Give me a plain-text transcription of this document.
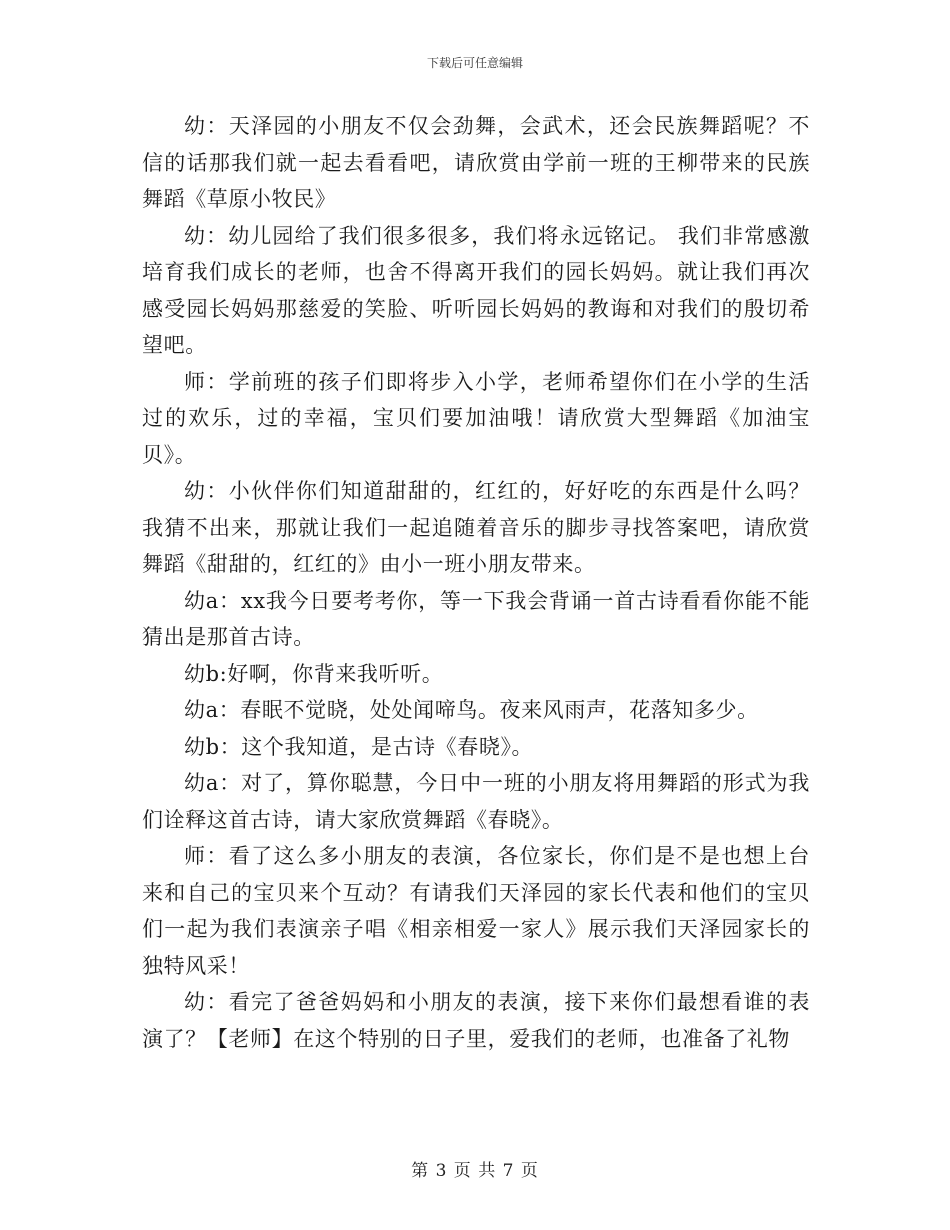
下载后可任意编辑

幼：天泽园的小朋友不仅会劲舞，会武术，还会民族舞蹈呢？不信的话那我们就一起去看看吧，请欣赏由学前一班的王柳带来的民族舞蹈《草原小牧民》

幼：幼儿园给了我们很多很多，我们将永远铭记。 我们非常感激培育我们成长的老师，也舍不得离开我们的园长妈妈。就让我们再次感受园长妈妈那慈爱的笑脸、听听园长妈妈的教诲和对我们的殷切希望吧。

师：学前班的孩子们即将步入小学，老师希望你们在小学的生活过的欢乐，过的幸福，宝贝们要加油哦！请欣赏大型舞蹈《加油宝贝》。

幼：小伙伴你们知道甜甜的，红红的，好好吃的东西是什么吗？我猜不出来，那就让我们一起追随着音乐的脚步寻找答案吧，请欣赏舞蹈《甜甜的，红红的》由小一班小朋友带来。

幼a：xx我今日要考考你，等一下我会背诵一首古诗看看你能不能猜出是那首古诗。

幼b:好啊，你背来我听听。

幼a：春眠不觉晓，处处闻啼鸟。夜来风雨声，花落知多少。

幼b：这个我知道，是古诗《春晓》。

幼a：对了，算你聪慧，今日中一班的小朋友将用舞蹈的形式为我们诠释这首古诗，请大家欣赏舞蹈《春晓》。

师：看了这么多小朋友的表演，各位家长，你们是不是也想上台来和自己的宝贝来个互动？有请我们天泽园的家长代表和他们的宝贝们一起为我们表演亲子唱《相亲相爱一家人》展示我们天泽园家长的独特风采！

幼：看完了爸爸妈妈和小朋友的表演，接下来你们最想看谁的表演了？【老师】在这个特别的日子里，爱我们的老师，也准备了礼物

第 3 页 共 7 页
